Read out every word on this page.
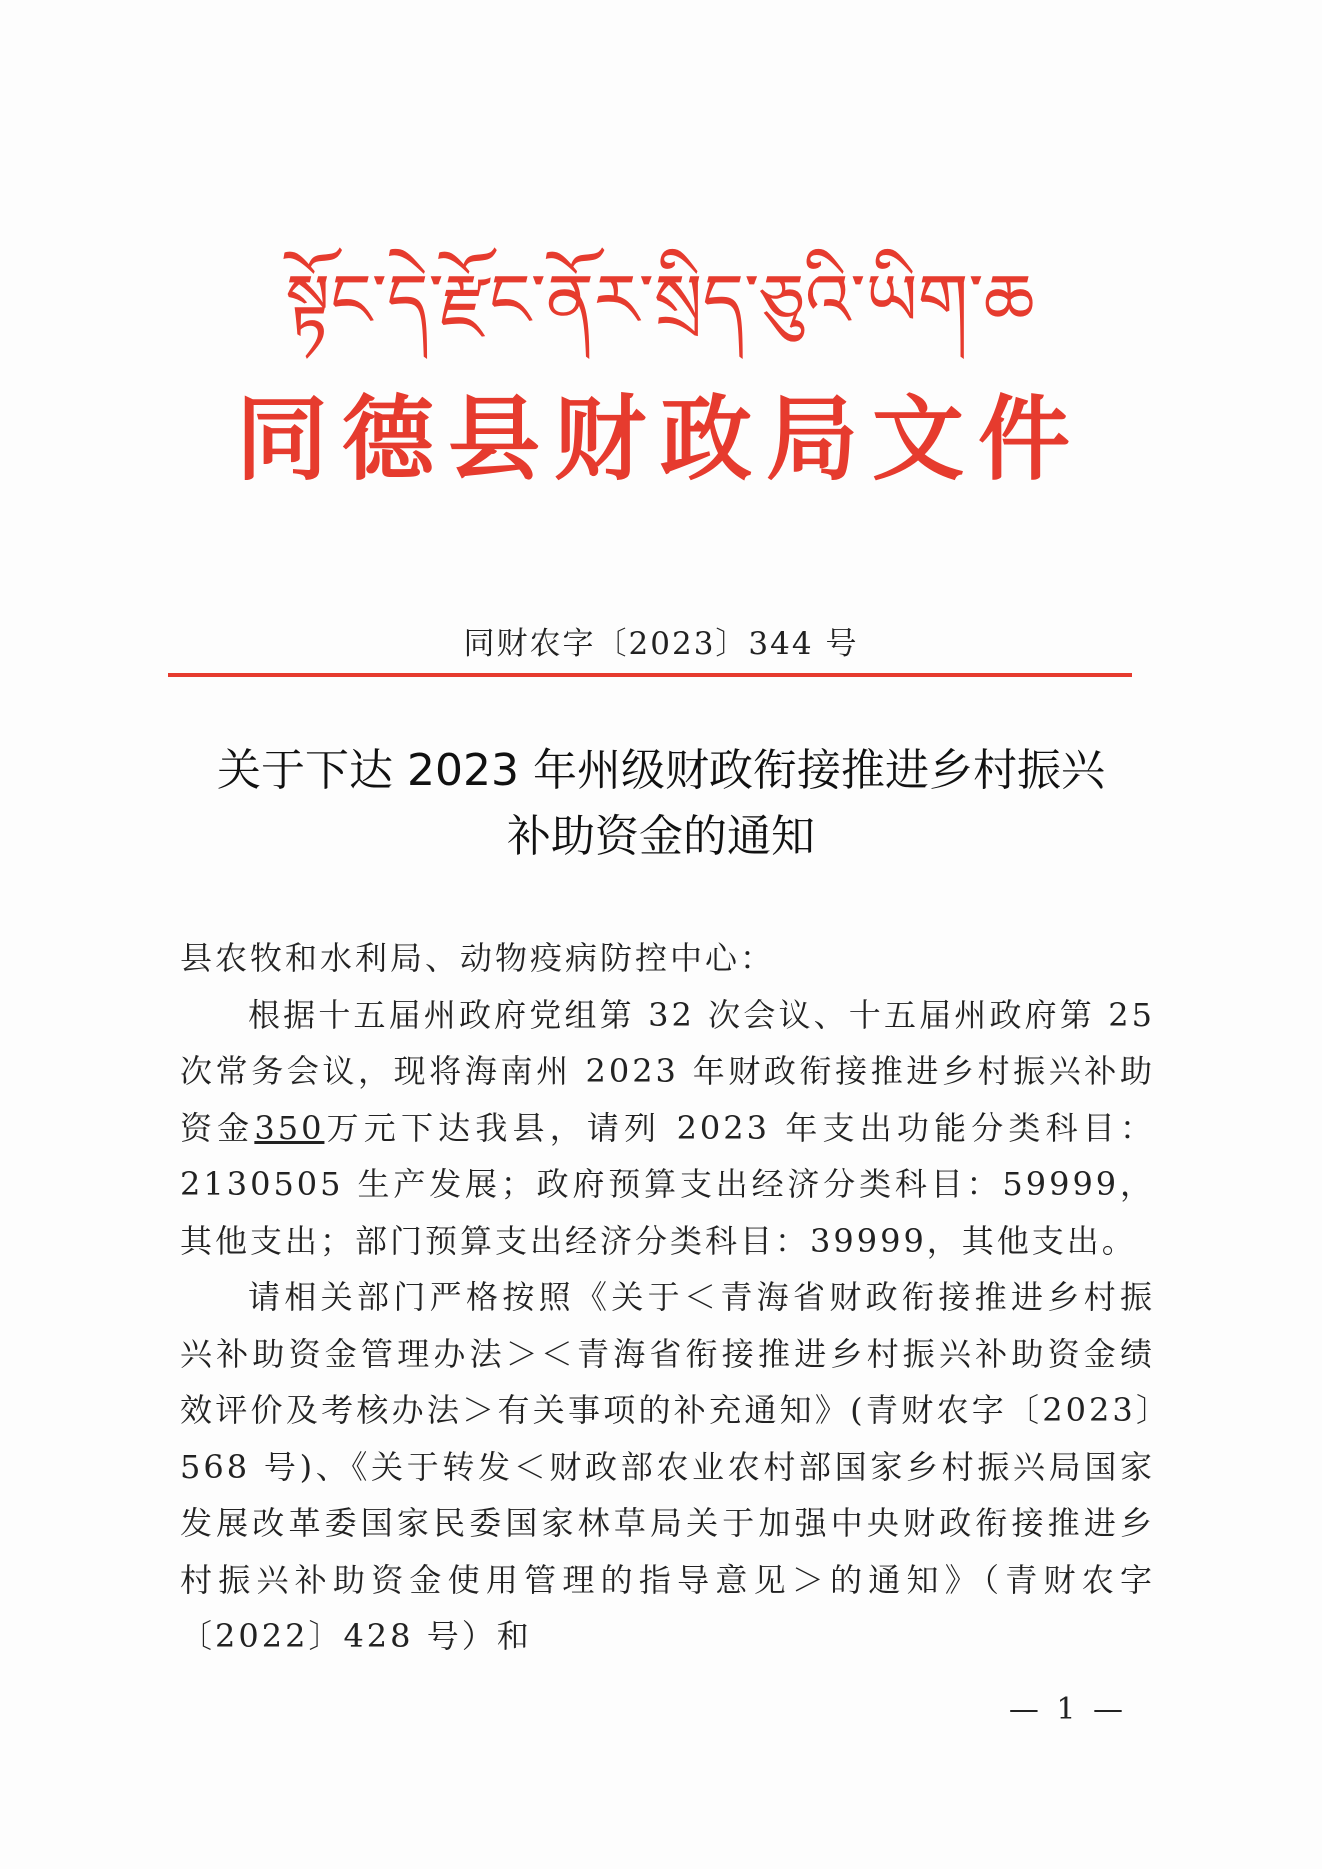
སྟོང་དེ་རྫོང་ནོར་སྲིད་ཅུའི་ཡིག་ཆ
同德县财政局文件
同财农字〔2023〕344 号
关于下达 2023 年州级财政衔接推进乡村振兴
补助资金的通知

县农牧和水利局、动物疫病防控中心：

根据十五届州政府党组第 32 次会议、十五届州政府第 25 次常务会议，现将海南州 2023 年财政衔接推进乡村振兴补助资金350万元下达我县，请列 2023 年支出功能分类科目：2130505 生产发展；政府预算支出经济分类科目：59999，其他支出；部门预算支出经济分类科目：39999，其他支出。

请相关部门严格按照《关于＜青海省财政衔接推进乡村振兴补助资金管理办法＞＜青海省衔接推进乡村振兴补助资金绩效评价及考核办法＞有关事项的补充通知》(青财农字〔2023〕568 号)、《关于转发＜财政部农业农村部国家乡村振兴局国家发展改革委国家民委国家林草局关于加强中央财政衔接推进乡村振兴补助资金使用管理的指导意见＞的通知》（青财农字〔2022〕428 号）和

— 1 —
